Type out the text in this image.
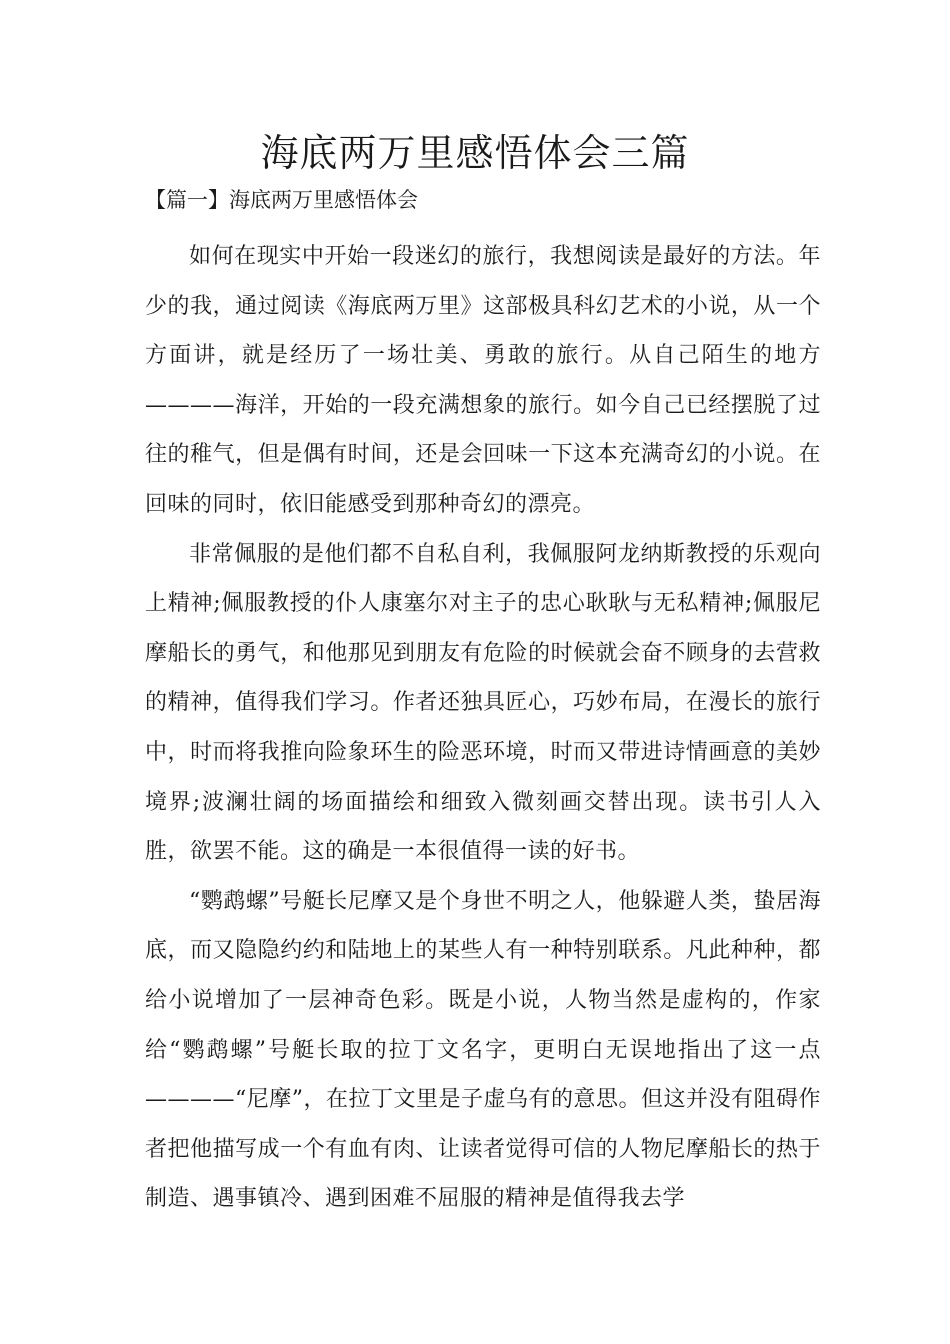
海底两万里感悟体会三篇
【篇一】海底两万里感悟体会

如何在现实中开始一段迷幻的旅行，我想阅读是最好的方法。年少的我，通过阅读《海底两万里》这部极具科幻艺术的小说，从一个方面讲，就是经历了一场壮美、勇敢的旅行。从自己陌生的地方————海洋，开始的一段充满想象的旅行。如今自己已经摆脱了过往的稚气，但是偶有时间，还是会回味一下这本充满奇幻的小说。在回味的同时，依旧能感受到那种奇幻的漂亮。

非常佩服的是他们都不自私自利，我佩服阿龙纳斯教授的乐观向上精神;佩服教授的仆人康塞尔对主子的忠心耿耿与无私精神;佩服尼摩船长的勇气，和他那见到朋友有危险的时候就会奋不顾身的去营救的精神，值得我们学习。作者还独具匠心，巧妙布局，在漫长的旅行中，时而将我推向险象环生的险恶环境，时而又带进诗情画意的美妙境界;波澜壮阔的场面描绘和细致入微刻画交替出现。读书引人入胜，欲罢不能。这的确是一本很值得一读的好书。

“鹦鹉螺”号艇长尼摩又是个身世不明之人，他躲避人类，蛰居海底，而又隐隐约约和陆地上的某些人有一种特别联系。凡此种种，都给小说增加了一层神奇色彩。既是小说，人物当然是虚构的，作家给“鹦鹉螺”号艇长取的拉丁文名字，更明白无误地指出了这一点————“尼摩”，在拉丁文里是子虚乌有的意思。但这并没有阻碍作者把他描写成一个有血有肉、让读者觉得可信的人物尼摩船长的热于制造、遇事镇冷、遇到困难不屈服的精神是值得我去学
